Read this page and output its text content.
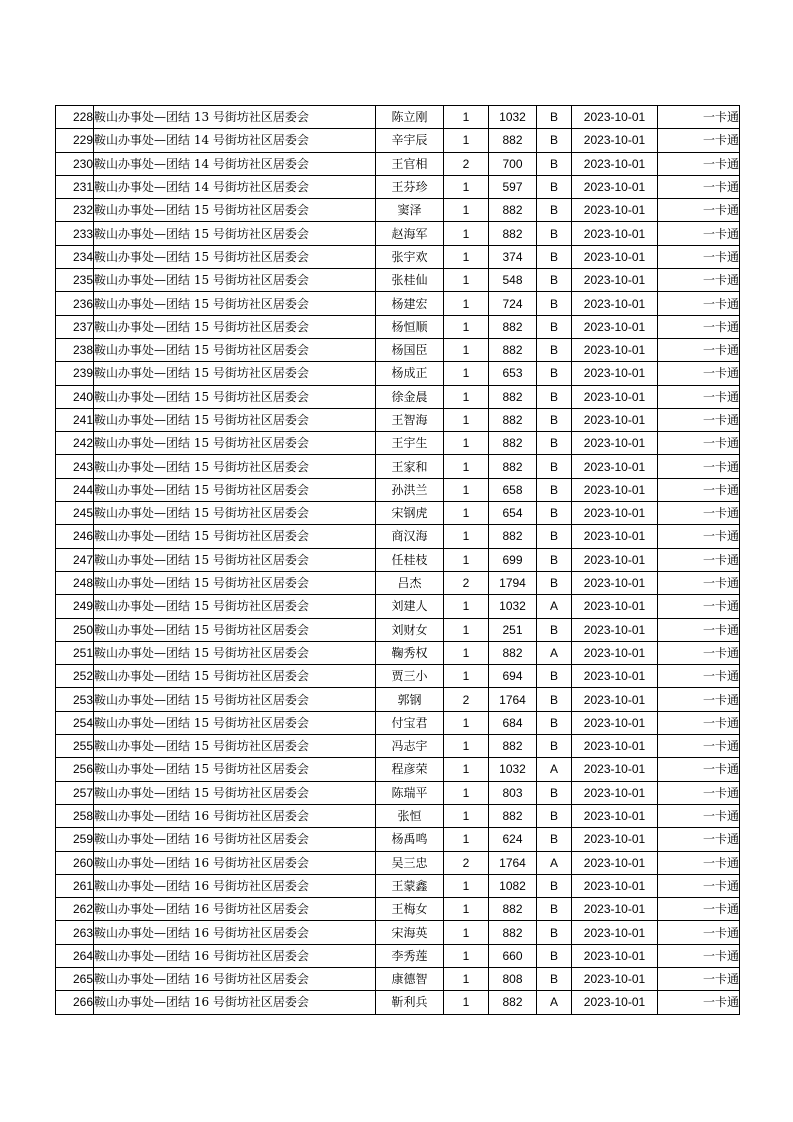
228	鞍山办事处—团结 13 号街坊社区居委会	陈立刚	1	1032	B	2023-10-01	一卡通
229	鞍山办事处—团结 14 号街坊社区居委会	辛宇辰	1	882	B	2023-10-01	一卡通
230	鞍山办事处—团结 14 号街坊社区居委会	王官相	2	700	B	2023-10-01	一卡通
231	鞍山办事处—团结 14 号街坊社区居委会	王芬珍	1	597	B	2023-10-01	一卡通
232	鞍山办事处—团结 15 号街坊社区居委会	窦泽	1	882	B	2023-10-01	一卡通
233	鞍山办事处—团结 15 号街坊社区居委会	赵海军	1	882	B	2023-10-01	一卡通
234	鞍山办事处—团结 15 号街坊社区居委会	张宇欢	1	374	B	2023-10-01	一卡通
235	鞍山办事处—团结 15 号街坊社区居委会	张桂仙	1	548	B	2023-10-01	一卡通
236	鞍山办事处—团结 15 号街坊社区居委会	杨建宏	1	724	B	2023-10-01	一卡通
237	鞍山办事处—团结 15 号街坊社区居委会	杨恒顺	1	882	B	2023-10-01	一卡通
238	鞍山办事处—团结 15 号街坊社区居委会	杨国臣	1	882	B	2023-10-01	一卡通
239	鞍山办事处—团结 15 号街坊社区居委会	杨成正	1	653	B	2023-10-01	一卡通
240	鞍山办事处—团结 15 号街坊社区居委会	徐金晨	1	882	B	2023-10-01	一卡通
241	鞍山办事处—团结 15 号街坊社区居委会	王智海	1	882	B	2023-10-01	一卡通
242	鞍山办事处—团结 15 号街坊社区居委会	王宇生	1	882	B	2023-10-01	一卡通
243	鞍山办事处—团结 15 号街坊社区居委会	王家和	1	882	B	2023-10-01	一卡通
244	鞍山办事处—团结 15 号街坊社区居委会	孙洪兰	1	658	B	2023-10-01	一卡通
245	鞍山办事处—团结 15 号街坊社区居委会	宋钢虎	1	654	B	2023-10-01	一卡通
246	鞍山办事处—团结 15 号街坊社区居委会	商汉海	1	882	B	2023-10-01	一卡通
247	鞍山办事处—团结 15 号街坊社区居委会	任桂枝	1	699	B	2023-10-01	一卡通
248	鞍山办事处—团结 15 号街坊社区居委会	吕杰	2	1794	B	2023-10-01	一卡通
249	鞍山办事处—团结 15 号街坊社区居委会	刘建人	1	1032	A	2023-10-01	一卡通
250	鞍山办事处—团结 15 号街坊社区居委会	刘财女	1	251	B	2023-10-01	一卡通
251	鞍山办事处—团结 15 号街坊社区居委会	鞠秀权	1	882	A	2023-10-01	一卡通
252	鞍山办事处—团结 15 号街坊社区居委会	贾三小	1	694	B	2023-10-01	一卡通
253	鞍山办事处—团结 15 号街坊社区居委会	郭钢	2	1764	B	2023-10-01	一卡通
254	鞍山办事处—团结 15 号街坊社区居委会	付宝君	1	684	B	2023-10-01	一卡通
255	鞍山办事处—团结 15 号街坊社区居委会	冯志宇	1	882	B	2023-10-01	一卡通
256	鞍山办事处—团结 15 号街坊社区居委会	程彦荣	1	1032	A	2023-10-01	一卡通
257	鞍山办事处—团结 15 号街坊社区居委会	陈瑞平	1	803	B	2023-10-01	一卡通
258	鞍山办事处—团结 16 号街坊社区居委会	张恒	1	882	B	2023-10-01	一卡通
259	鞍山办事处—团结 16 号街坊社区居委会	杨禹鸣	1	624	B	2023-10-01	一卡通
260	鞍山办事处—团结 16 号街坊社区居委会	吴三忠	2	1764	A	2023-10-01	一卡通
261	鞍山办事处—团结 16 号街坊社区居委会	王蒙鑫	1	1082	B	2023-10-01	一卡通
262	鞍山办事处—团结 16 号街坊社区居委会	王梅女	1	882	B	2023-10-01	一卡通
263	鞍山办事处—团结 16 号街坊社区居委会	宋海英	1	882	B	2023-10-01	一卡通
264	鞍山办事处—团结 16 号街坊社区居委会	李秀莲	1	660	B	2023-10-01	一卡通
265	鞍山办事处—团结 16 号街坊社区居委会	康德智	1	808	B	2023-10-01	一卡通
266	鞍山办事处—团结 16 号街坊社区居委会	靳利兵	1	882	A	2023-10-01	一卡通
